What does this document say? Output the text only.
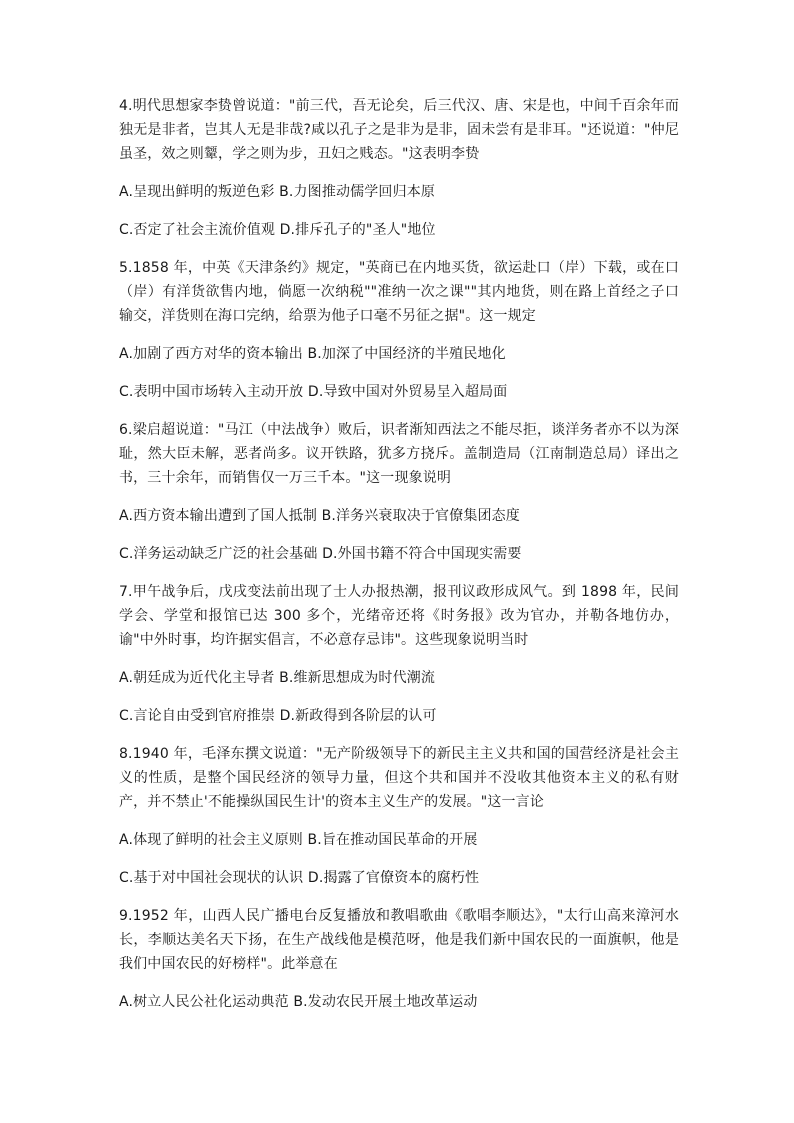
4.明代思想家李贽曾说道："前三代，吾无论矣，后三代汉、唐、宋是也，中间千百余年而独无是非者，岂其人无是非哉?咸以孔子之是非为是非，固未尝有是非耳。"还说道："仲尼虽圣，效之则颦，学之则为步，丑妇之贱态。"这表明李贽

A.呈现出鲜明的叛逆色彩 B.力图推动儒学回归本原

C.否定了社会主流价值观 D.排斥孔子的"圣人"地位

5.1858 年，中英《天津条约》规定，"英商已在内地买货，欲运赴口（岸）下载，或在口（岸）有洋货欲售内地，倘愿一次纳税""准纳一次之课""其内地货，则在路上首经之子口输交，洋货则在海口完纳，给票为他子口毫不另征之据"。这一规定

A.加剧了西方对华的资本输出 B.加深了中国经济的半殖民地化

C.表明中国市场转入主动开放 D.导致中国对外贸易呈入超局面

6.梁启超说道："马江（中法战争）败后，识者渐知西法之不能尽拒，谈洋务者亦不以为深耻，然大臣未解，恶者尚多。议开铁路，犹多方挠斥。盖制造局（江南制造总局）译出之书，三十余年，而销售仅一万三千本。"这一现象说明

A.西方资本输出遭到了国人抵制 B.洋务兴衰取决于官僚集团态度

C.洋务运动缺乏广泛的社会基础 D.外国书籍不符合中国现实需要

7.甲午战争后，戊戌变法前出现了士人办报热潮，报刊议政形成风气。到 1898 年，民间学会、学堂和报馆已达 300 多个，光绪帝还将《时务报》改为官办，并勒各地仿办，谕"中外时事，均许据实倡言，不必意存忌讳"。这些现象说明当时

A.朝廷成为近代化主导者 B.维新思想成为时代潮流

C.言论自由受到官府推崇 D.新政得到各阶层的认可

8.1940 年，毛泽东撰文说道："无产阶级领导下的新民主主义共和国的国营经济是社会主义的性质，是整个国民经济的领导力量，但这个共和国并不没收其他资本主义的私有财产，并不禁止'不能操纵国民生计'的资本主义生产的发展。"这一言论

A.体现了鲜明的社会主义原则 B.旨在推动国民革命的开展

C.基于对中国社会现状的认识 D.揭露了官僚资本的腐朽性

9.1952 年，山西人民广播电台反复播放和教唱歌曲《歌唱李顺达》，"太行山高来漳河水长，李顺达美名天下扬，在生产战线他是模范呀，他是我们新中国农民的一面旗帜，他是我们中国农民的好榜样"。此举意在

A.树立人民公社化运动典范 B.发动农民开展土地改革运动
